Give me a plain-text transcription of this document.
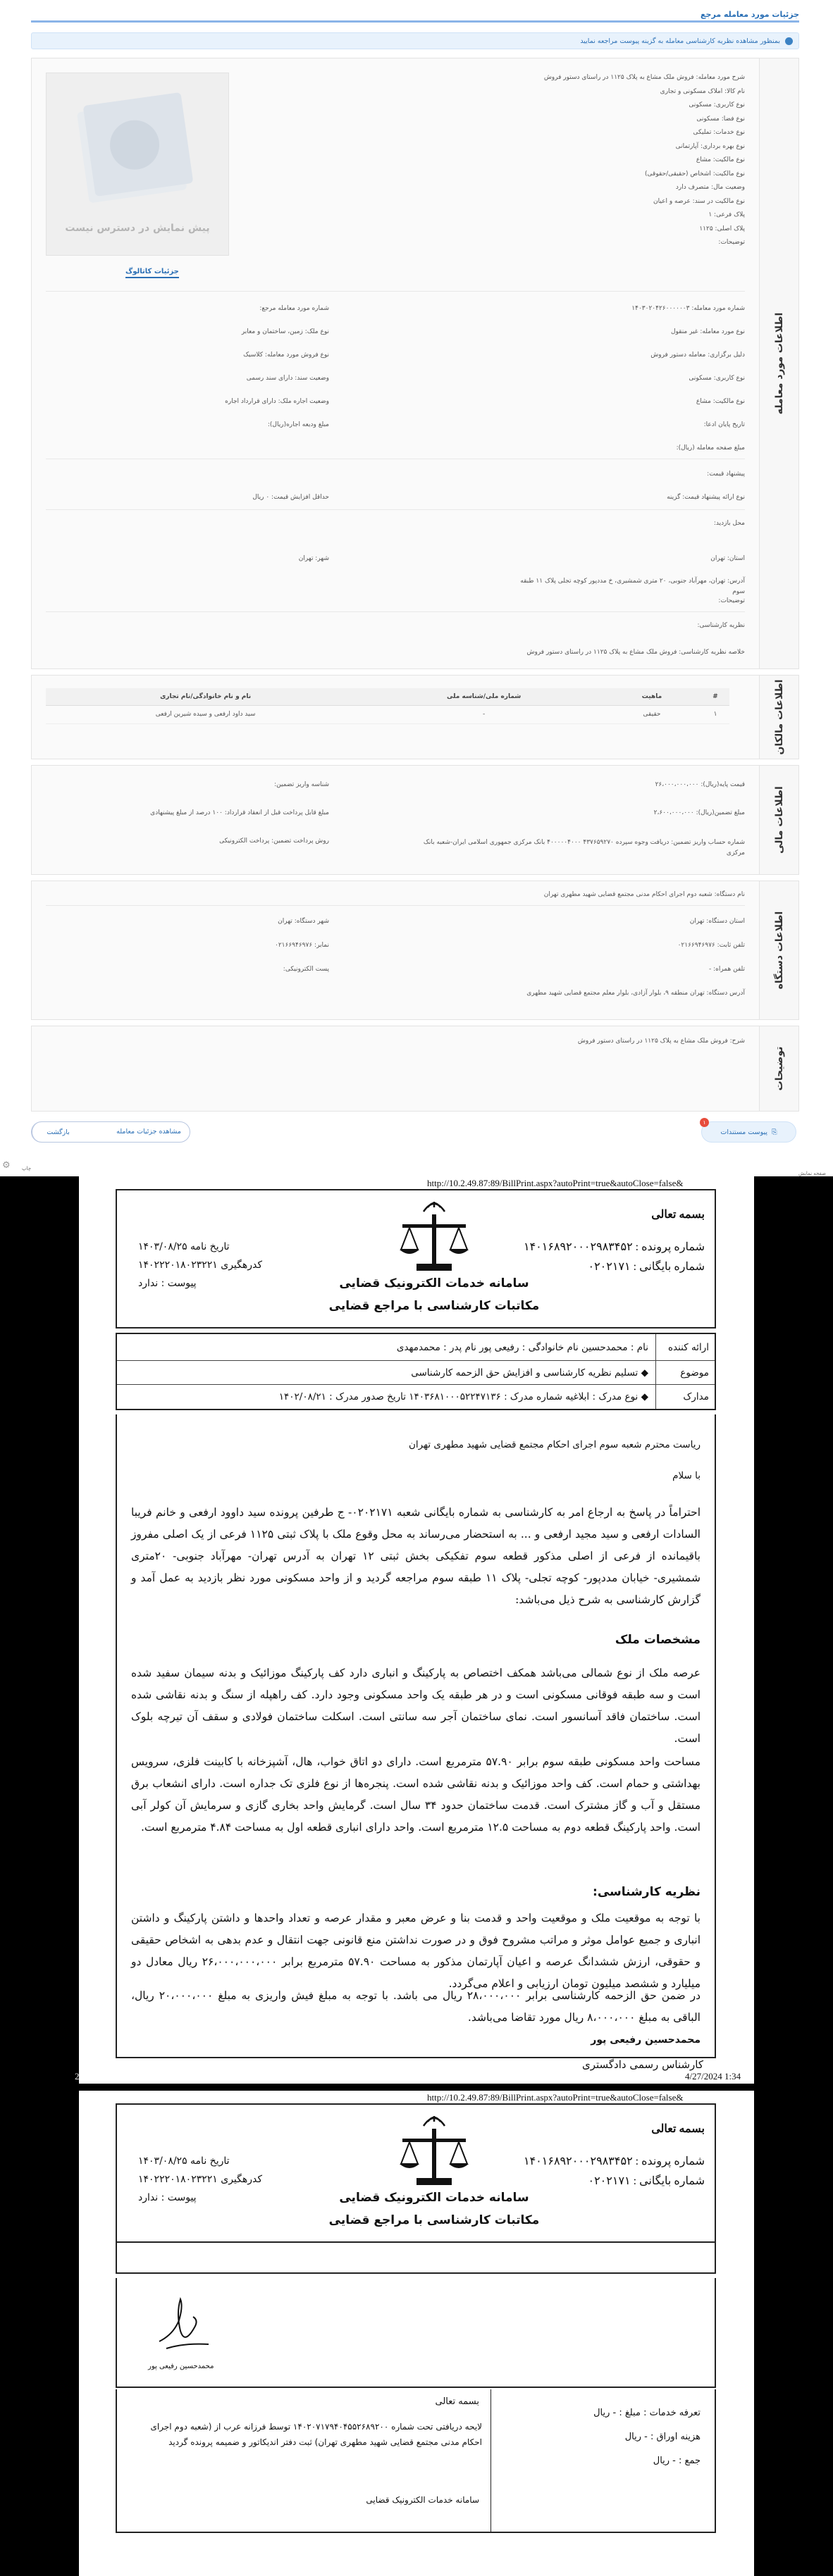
جزئیات مورد معامله مرجع
بمنظور مشاهده نظریه کارشناسی معامله به گزینه پیوست مراجعه نمایید
اطلاعات مورد معامله
پیش نمایش در دسترس نیست
جزئیات کاتالوگ
پیشنهاد قیمت:
نوع ارائه پیشنهاد قیمت: گزینه
حداقل افزایش قیمت: ۰ ریال
محل بازدید:
استان: تهران
شهر: تهران
آدرس: تهران، مهرآباد جنوبی، ۲۰ متری شمشیری، خ مددپور کوچه تجلی پلاک ۱۱ طبقه سوم
توضیحات:
نظریه کارشناسی:
خلاصه نظریه کارشناسی: فروش ملک مشاع به پلاک ۱۱۲۵ در راستای دستور فروش
شرح مورد معامله: فروش ملک مشاع به پلاک ۱۱۲۵ در راستای دستور فروش
نام کالا: املاک مسکونی و تجاری
نوع کاربری: مسکونی
نوع فضا: مسکونی
نوع خدمات: تملیکی
نوع بهره برداری: آپارتمانی
نوع مالکیت: مشاع
نوع مالکیت: اشخاص (حقیقی/حقوقی)
وضعیت مال: متصرف دارد
نوع مالکیت در سند: عرصه و اعیان
پلاک فرعی: ۱
پلاک اصلی: ۱۱۲۵
توضیحات:
شماره مورد معامله: ۱۴۰۳۰۲۰۴۲۶۰۰۰۰۰۰۳
نوع مورد معامله: غیر منقول
دلیل برگزاری: معامله دستور فروش
نوع کاربری: مسکونی
نوع مالکیت: مشاع
تاریخ پایان ادعا:
مبلغ صفحه معامله (ریال):
شماره مورد معامله مرجع:
نوع ملک: زمین، ساختمان و معابر
نوع فروش مورد معامله: کلاسیک
وضعیت سند: دارای سند رسمی
وضعیت اجاره ملک: دارای قرارداد اجاره
مبلغ ودیعه اجاره(ریال):
اطلاعات مالکان
#	ماهیت	شماره ملی/شناسه ملی	نام و نام خانوادگی/نام تجاری
۱	حقیقی	-	سید داود ارفعی و سیده شیرین ارفعی
اطلاعات مالی
قیمت پایه(ریال): ۲۶،۰۰۰،۰۰۰،۰۰۰
مبلغ تضمین(ریال): ۲،۶۰۰،۰۰۰،۰۰۰
شماره حساب واریز تضمین: دریافت وجوه سپرده ۴۳۷۶۵۹۲۷۰ ۴۰۰۰۰۰۴۰۰۰ بانک مرکزی جمهوری اسلامی ایران-شعبه بانک مرکزی
شناسه واریز تضمین:
مبلغ قابل پرداخت قبل از انعقاد قرارداد: ۱۰۰ درصد از مبلغ پیشنهادی
روش پرداخت تضمین: پرداخت الکترونیکی
اطلاعات دستگاه
نام دستگاه: شعبه دوم اجرای احکام مدنی مجتمع قضایی شهید مطهری تهران
استان دستگاه: تهران
تلفن ثابت: ۰۲۱۶۶۹۴۶۹۷۶
تلفن همراه: -
آدرس دستگاه: تهران منطقه ۹، بلوار آزادی، بلوار معلم مجتمع قضایی شهید مطهری
شهر دستگاه: تهران
نمابر: ۰۲۱۶۶۹۴۶۹۷۶
پست الکترونیکی:
توضیحات
شرح: فروش ملک مشاع به پلاک ۱۱۲۵ در راستای دستور فروش
۱
⎘
پیوست مستندات
مشاهده جزئیات معامله
بازگشت
⚙ چاپ
صفحه نمایش
http://10.2.49.87:89/BillPrint.aspx?autoPrint=true&autoClose=false&
بسمه تعالی
شماره پرونده : ۱۴۰۱۶۸۹۲۰۰۰۲۹۸۳۴۵۲
شماره بایگانی : ۰۲۰۲۱۷۱
سامانه خدمات الکترونیک قضایی
مکاتبات کارشناسی با مراجع قضایی
تاریخ نامه ۱۴۰۳/۰۸/۲۵
کدرهگیری ۱۴۰۲۲۲۰۱۸۰۲۳۲۲۱
پیوست : ندارد
ارائه کننده
نام : محمدحسین نام خانوادگی : رفیعی پور نام پدر : محمدمهدی
موضوع
◆ تسلیم نظریه کارشناسی و افزایش حق الزحمه کارشناسی
مدارک
◆ نوع مدرک : ابلاغیه شماره مدرک : ۱۴۰۳۶۸۱۰۰۰۵۲۲۴۷۱۳۶ تاریخ صدور مدرک : ۱۴۰۲/۰۸/۲۱
ریاست محترم شعبه سوم اجرای احکام مجتمع قضایی شهید مطهری تهران
با سلام
احتراماً در پاسخ به ارجاع امر به کارشناسی به شماره بایگانی شعبه ۰۲۰۲۱۷۱- ج طرفین پرونده سید داوود ارفعی و خانم فریبا السادات ارفعی و سید مجید ارفعی و ... به استحضار می‌رساند به محل وقوع ملک با پلاک ثبتی ۱۱۲۵ فرعی از یک اصلی مفروز باقیمانده از فرعی از اصلی مذکور قطعه سوم تفکیکی بخش ثبتی ۱۲ تهران به آدرس تهران- مهرآباد جنوبی- ۲۰متری شمشیری- خیابان مددپور- کوچه تجلی- پلاک ۱۱ طبقه سوم مراجعه گردید و از واحد مسکونی مورد نظر بازدید به عمل آمد و گزارش کارشناسی به شرح ذیل می‌باشد:
مشخصات ملک
عرصه ملک از نوع شمالی می‌باشد همکف اختصاص به پارکینگ و انباری دارد کف پارکینگ موزائیک و بدنه سیمان سفید شده است و سه طبقه فوقانی مسکونی است و در هر طبقه یک واحد مسکونی وجود دارد. کف راهپله از سنگ و بدنه نقاشی شده است. ساختمان فاقد آسانسور است. نمای ساختمان آجر سه سانتی است. اسکلت ساختمان فولادی و سقف آن تیرچه بلوک است.
مساحت واحد مسکونی طبقه سوم برابر ۵۷.۹۰ مترمربع است. دارای دو اتاق خواب، هال، آشپزخانه با کابینت فلزی، سرویس بهداشتی و حمام است. کف واحد موزائیک و بدنه نقاشی شده است. پنجره‌ها از نوع فلزی تک جداره است. دارای انشعاب برق مستقل و آب و گاز مشترک است. قدمت ساختمان حدود ۳۴ سال است. گرمایش واحد بخاری گازی و سرمایش آن کولر آبی است. واحد پارکینگ قطعه دوم به مساحت ۱۲.۵ مترمربع است. واحد دارای انباری قطعه اول به مساحت ۴.۸۴ مترمربع است.
نظریه کارشناسی:
با توجه به موقعیت ملک و موقعیت واحد و قدمت بنا و عرض معبر و مقدار عرصه و تعداد واحدها و داشتن پارکینگ و داشتن انباری و جمیع عوامل موثر و مراتب مشروح فوق و در صورت نداشتن منع قانونی جهت انتقال و عدم بدهی به اشخاص حقیقی و حقوقی، ارزش ششدانگ عرصه و اعیان آپارتمان مذکور به مساحت ۵۷.۹۰ مترمربع برابر ۲۶،۰۰۰،۰۰۰،۰۰۰ ریال معادل دو میلیارد و ششصد میلیون تومان ارزیابی و اعلام می‌گردد.
در ضمن حق الزحمه کارشناسی برابر ۲۸،۰۰۰،۰۰۰ ریال می باشد. با توجه به مبلغ فیش واریزی به مبلغ ۲۰،۰۰۰،۰۰۰ ریال، الباقی به مبلغ ۸،۰۰۰،۰۰۰ ریال مورد تقاضا می‌باشد.
محمدحسین رفیعی پور
کارشناس رسمی دادگستری
2	4/27/2024 1:34
http://10.2.49.87:89/BillPrint.aspx?autoPrint=true&autoClose=false&
بسمه تعالی
شماره پرونده : ۱۴۰۱۶۸۹۲۰۰۰۲۹۸۳۴۵۲
شماره بایگانی : ۰۲۰۲۱۷۱
سامانه خدمات الکترونیک قضایی
مکاتبات کارشناسی با مراجع قضایی
تاریخ نامه ۱۴۰۳/۰۸/۲۵
کدرهگیری ۱۴۰۲۲۲۰۱۸۰۲۳۲۲۱
پیوست : ندارد
محمدحسین رفیعی پور
تعرفه خدمات : مبلغ : - ریال
هزینه اوراق : - ریال
جمع : - ریال
بسمه تعالی
لایحه دریافتی تحت شماره ۱۴۰۲۰۷۱۷۹۴۰۴۵۵۲۶۸۹۲۰۰ توسط فرزانه عرب از (شعبه دوم اجرای احکام مدنی مجتمع قضایی شهید مطهری تهران) ثبت دفتر اندیکاتور و ضمیمه پرونده گردید
سامانه خدمات الکترونیک قضایی
